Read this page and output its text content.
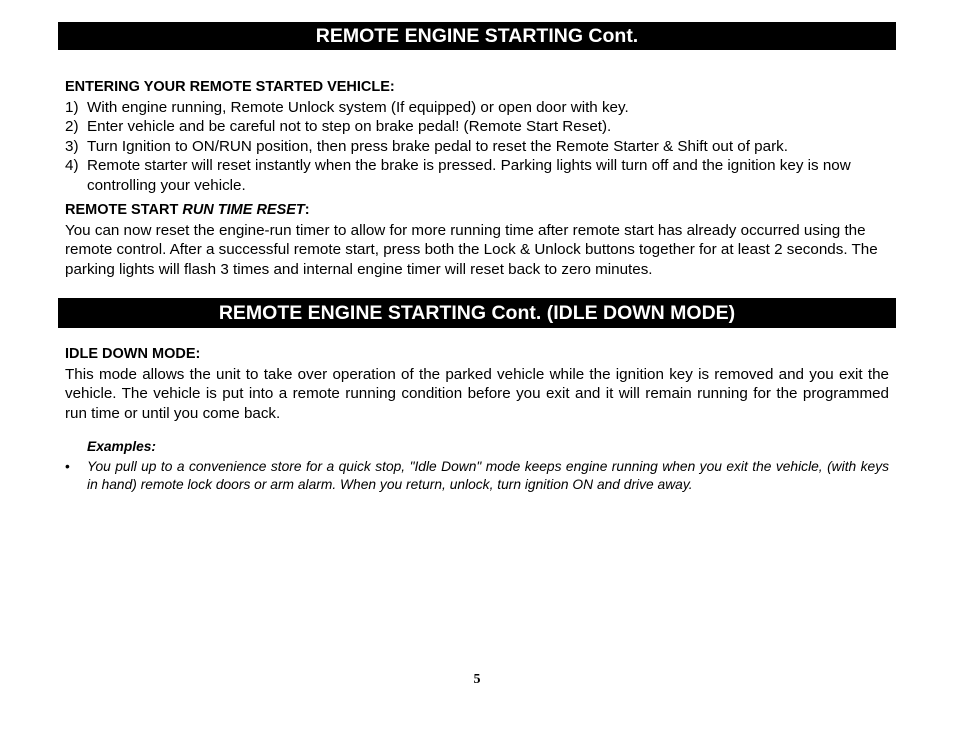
REMOTE ENGINE STARTING Cont.
ENTERING YOUR REMOTE STARTED VEHICLE:
1) With engine running, Remote Unlock system (If equipped) or open door with key.
2) Enter vehicle and be careful not to step on brake pedal! (Remote Start Reset).
3) Turn Ignition to ON/RUN position, then press brake pedal to reset the Remote Starter & Shift out of park.
4) Remote starter will reset instantly when the brake is pressed. Parking lights will turn off and the ignition key is now controlling your vehicle.
REMOTE START RUN TIME RESET:

You can now reset the engine-run timer to allow for more running time after remote start has already occurred using the remote control. After a successful remote start, press both the Lock & Unlock buttons together for at least 2 seconds. The parking lights will flash 3 times and internal engine timer will reset back to zero minutes.

REMOTE ENGINE STARTING Cont. (IDLE DOWN MODE)
IDLE DOWN MODE:

This mode allows the unit to take over operation of the parked vehicle while the ignition key is removed and you exit the vehicle. The vehicle is put into a remote running condition before you exit and it will remain running for the programmed run time or until you come back.

Examples:
•	You pull up to a convenience store for a quick stop, "Idle Down" mode keeps engine running when you exit the vehicle, (with keys in hand) remote lock doors or arm alarm. When you return, unlock, turn ignition ON and drive away.
5
